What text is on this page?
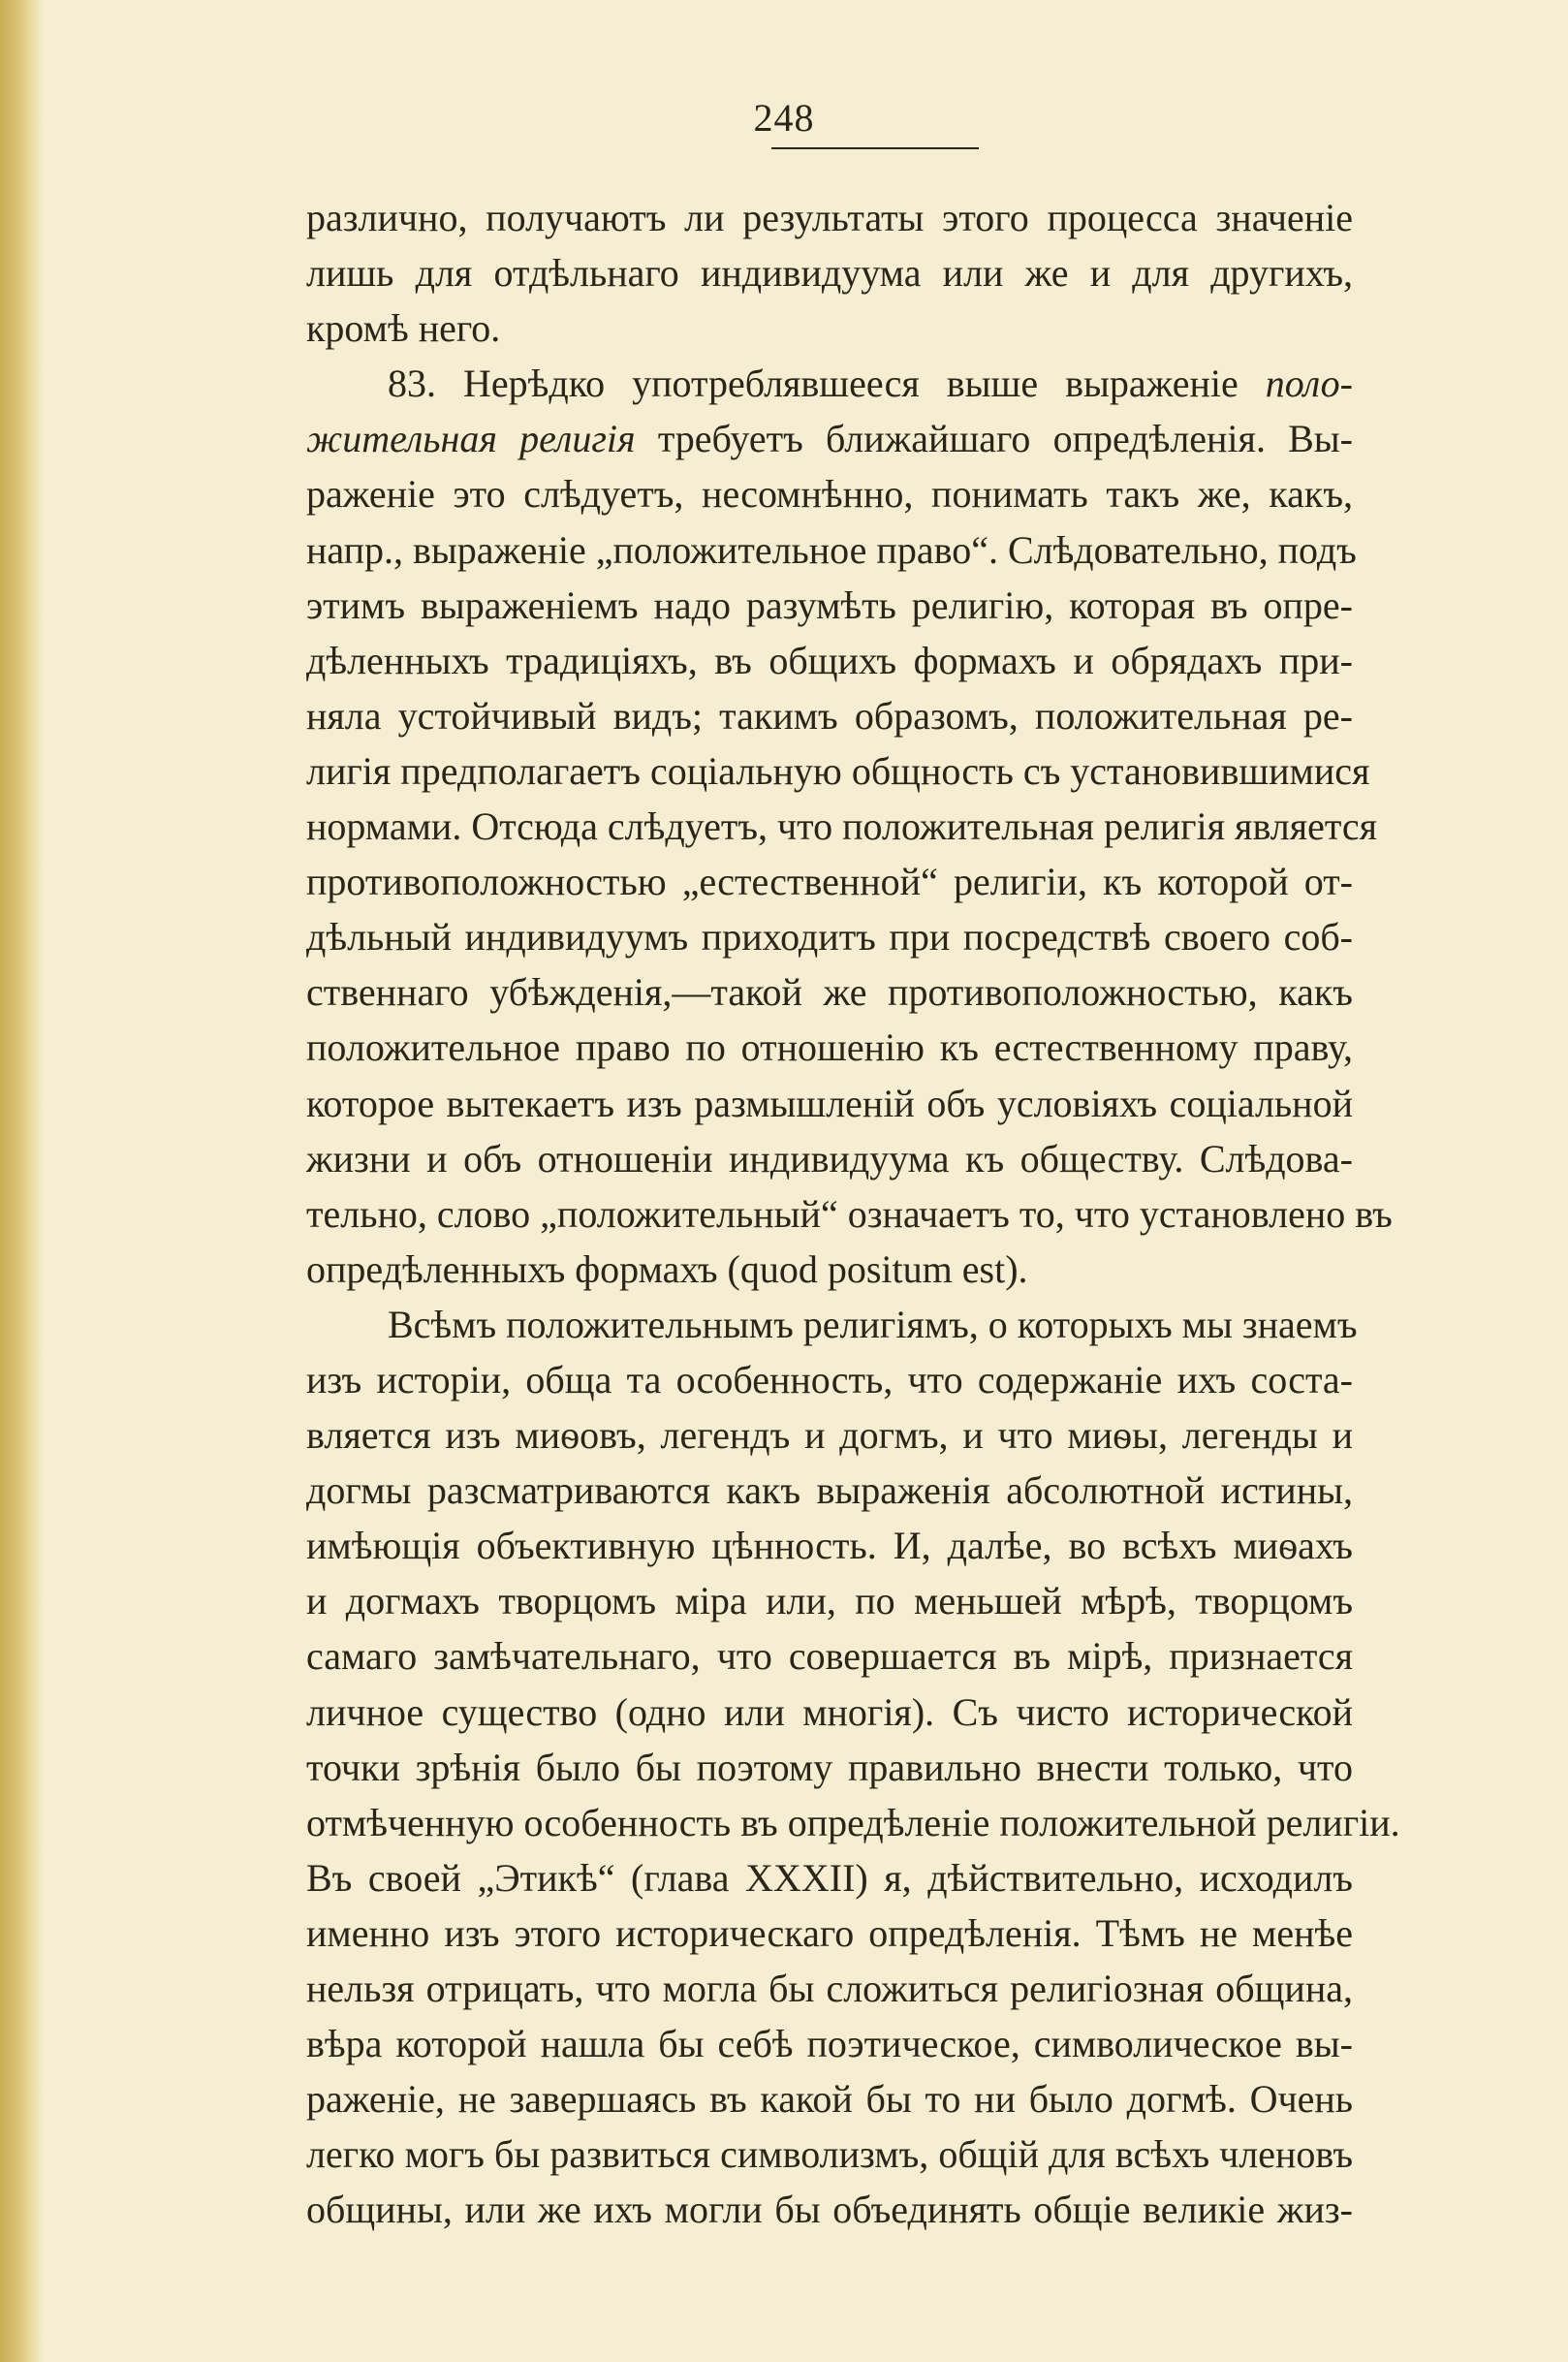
248
различно, получаютъ ли результаты этого процесса значеніе
лишь для отдѣльнаго индивидуума или же и для другихъ,
кромѣ него.
83. Нерѣдко употреблявшееся выше выраженіе поло-
жительная религія требуетъ ближайшаго опредѣленія. Вы-
раженіе это слѣдуетъ, несомнѣнно, понимать такъ же, какъ,
напр., выраженіе „положительное право“. Слѣдовательно, подъ
этимъ выраженіемъ надо разумѣть религію, которая въ опре-
дѣленныхъ традиціяхъ, въ общихъ формахъ и обрядахъ при-
няла устойчивый видъ; такимъ образомъ, положительная ре-
лигія предполагаетъ соціальную общность съ установившимися
нормами. Отсюда слѣдуетъ, что положительная религія является
противоположностью „естественной“ религіи, къ которой от-
дѣльный индивидуумъ приходитъ при посредствѣ своего соб-
ственнаго убѣжденія,—такой же противоположностью, какъ
положительное право по отношенію къ естественному праву,
которое вытекаетъ изъ размышленій объ условіяхъ соціальной
жизни и объ отношеніи индивидуума къ обществу. Слѣдова-
тельно, слово „положительный“ означаетъ то, что установлено въ
опредѣленныхъ формахъ (quod positum est).
Всѣмъ положительнымъ религіямъ, о которыхъ мы знаемъ
изъ исторіи, обща та особенность, что содержаніе ихъ соста-
вляется изъ миѳовъ, легендъ и догмъ, и что миѳы, легенды и
догмы разсматриваются какъ выраженія абсолютной истины,
имѣющія объективную цѣнность. И, далѣе, во всѣхъ миѳахъ
и догмахъ творцомъ міра или, по меньшей мѣрѣ, творцомъ
самаго замѣчательнаго, что совершается въ мірѣ, признается
личное существо (одно или многія). Съ чисто исторической
точки зрѣнія было бы поэтому правильно внести только, что
отмѣченную особенность въ опредѣленіе положительной религіи.
Въ своей „Этикѣ“ (глава XXXII) я, дѣйствительно, исходилъ
именно изъ этого историческаго опредѣленія. Тѣмъ не менѣе
нельзя отрицать, что могла бы сложиться религіозная община,
вѣра которой нашла бы себѣ поэтическое, символическое вы-
раженіе, не завершаясь въ какой бы то ни было догмѣ. Очень
легко могъ бы развиться символизмъ, общій для всѣхъ членовъ
общины, или же ихъ могли бы объединять общіе великіе жиз-
